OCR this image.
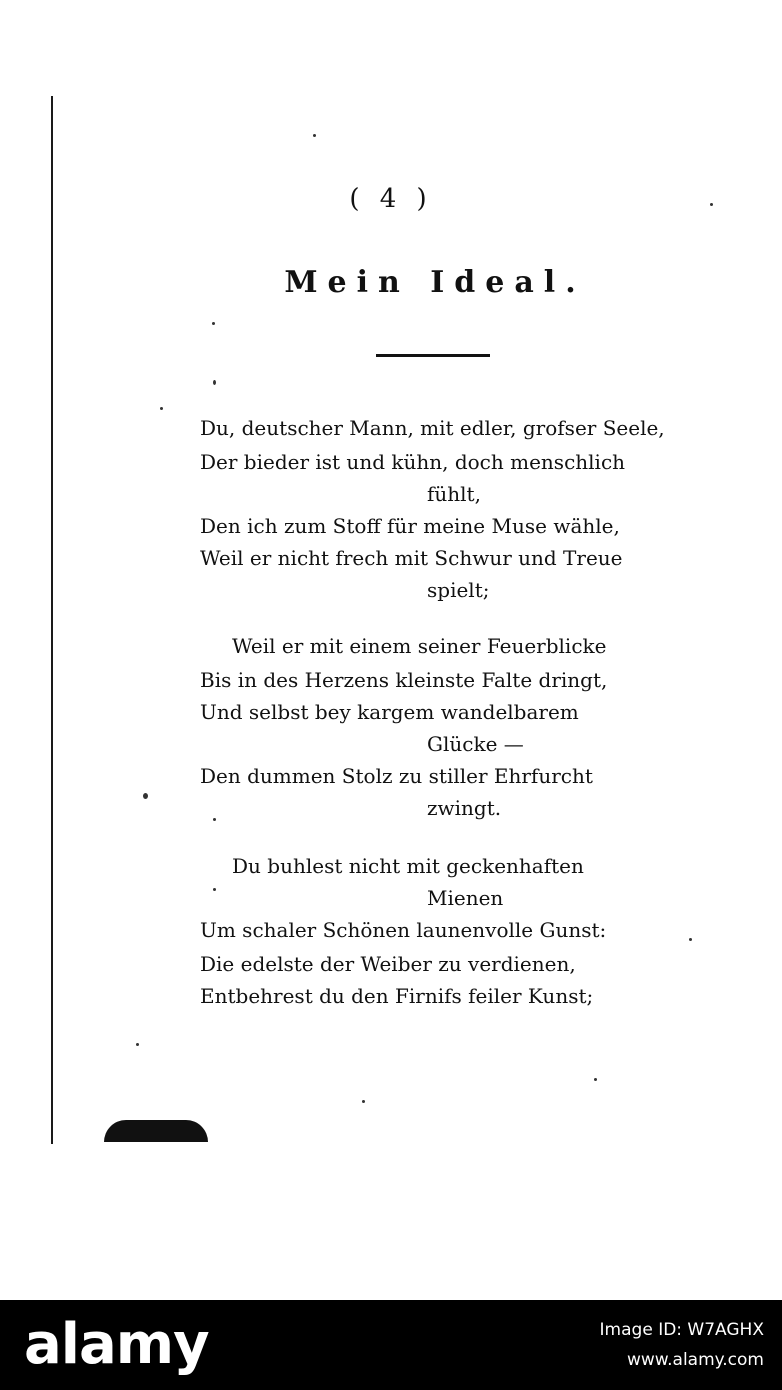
( 4 )
Mein Ideal.
Du, deutscher Mann, mit edler, grofser Seele,
Der bieder ist und kühn, doch menschlich
fühlt,
Den ich zum Stoff für meine Muse wähle,
Weil er nicht frech mit Schwur und Treue
spielt;
Weil er mit einem seiner Feuerblicke
Bis in des Herzens kleinste Falte dringt,
Und selbst bey kargem wandelbarem
Glücke —
Den dummen Stolz zu stiller Ehrfurcht
zwingt.
Du buhlest nicht mit geckenhaften
Mienen
Um schaler Schönen launenvolle Gunst:
Die edelste der Weiber zu verdienen,
Entbehrest du den Firnifs feiler Kunst;
alamy	Image ID: W7AGHX
www.alamy.com
